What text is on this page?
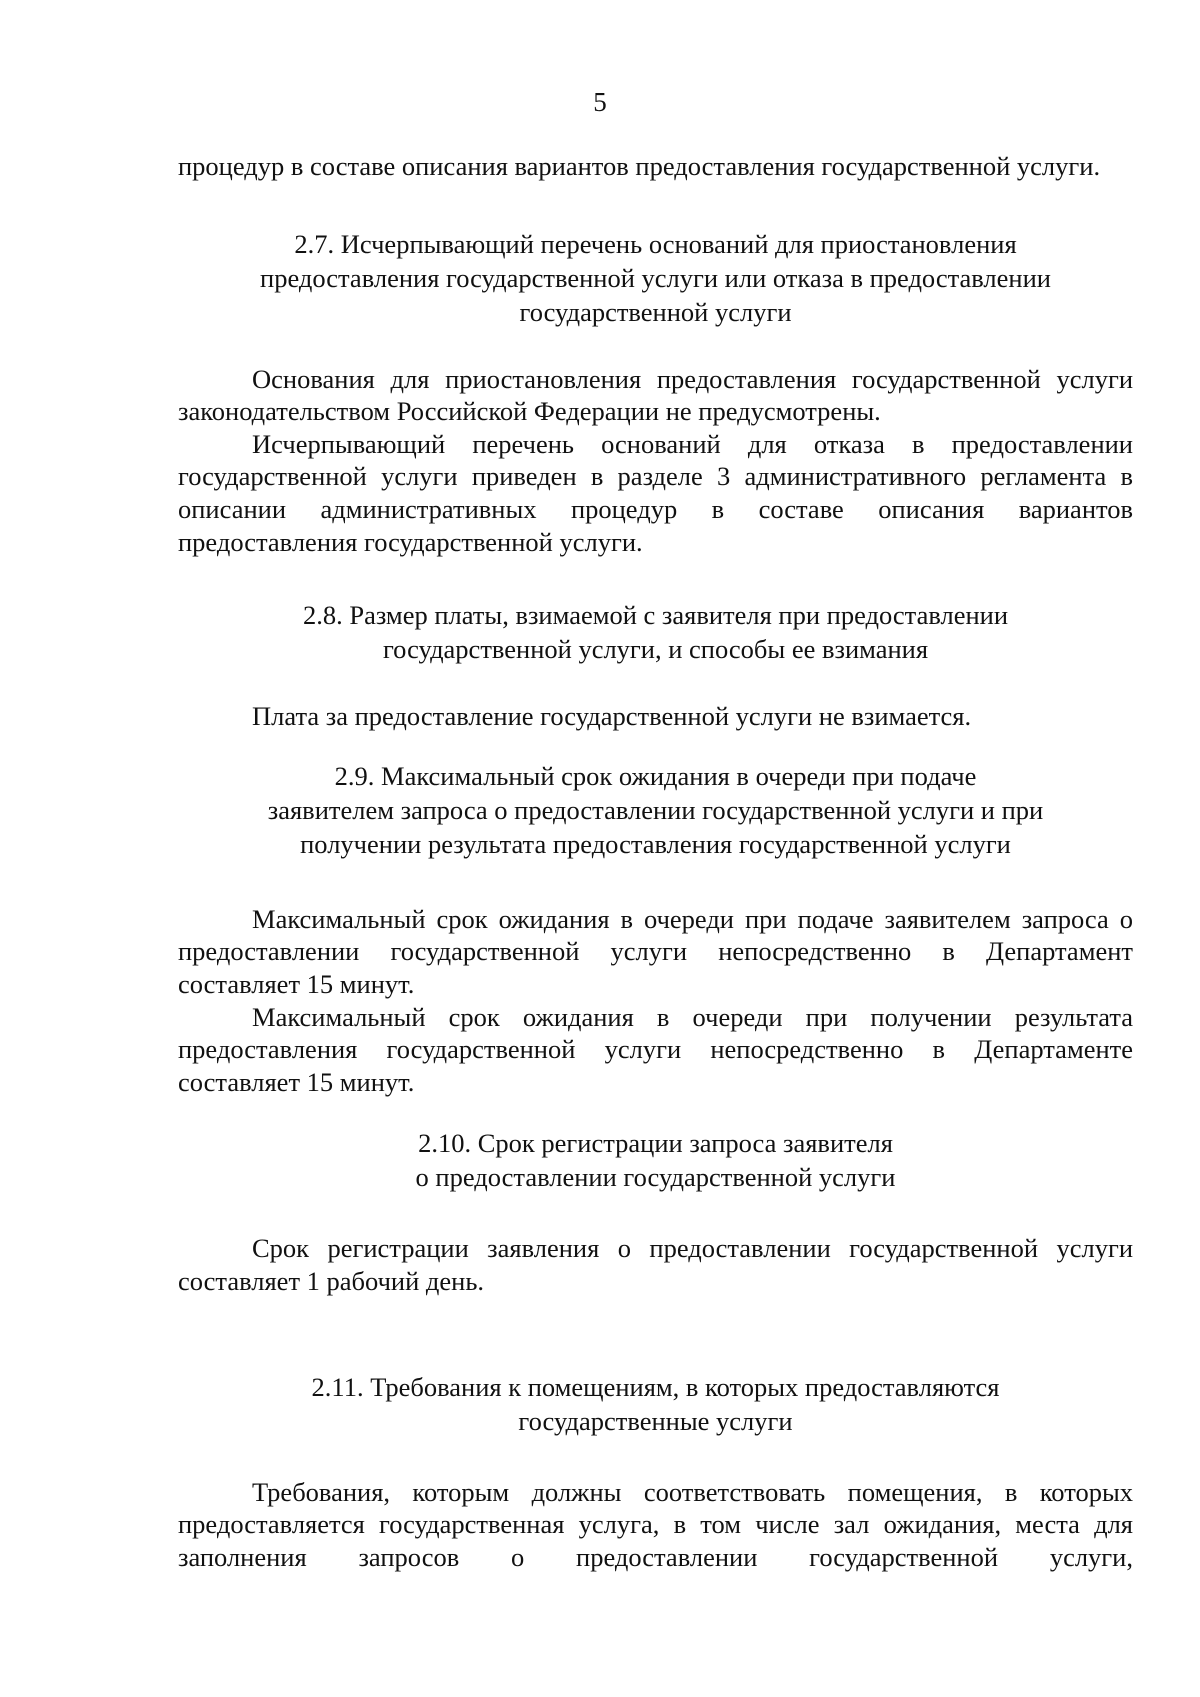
5

процедур в составе описания вариантов предоставления государственной услуги.

2.7. Исчерпывающий перечень оснований для приостановления
предоставления государственной услуги или отказа в предоставлении
государственной услуги

Основания для приостановления предоставления государственной услуги законодательством Российской Федерации не предусмотрены.

Исчерпывающий перечень оснований для отказа в предоставлении государственной услуги приведен в разделе 3 административного регламента в описании административных процедур в составе описания вариантов предоставления государственной услуги.

2.8. Размер платы, взимаемой с заявителя при предоставлении
государственной услуги, и способы ее взимания

Плата за предоставление государственной услуги не взимается.

2.9. Максимальный срок ожидания в очереди при подаче
заявителем запроса о предоставлении государственной услуги и при
получении результата предоставления государственной услуги

Максимальный срок ожидания в очереди при подаче заявителем запроса о предоставлении государственной услуги непосредственно в Департамент составляет 15 минут.

Максимальный срок ожидания в очереди при получении результата предоставления государственной услуги непосредственно в Департаменте составляет 15 минут.

2.10. Срок регистрации запроса заявителя
о предоставлении государственной услуги

Срок регистрации заявления о предоставлении государственной услуги составляет 1 рабочий день.

2.11. Требования к помещениям, в которых предоставляются
государственные услуги

Требования, которым должны соответствовать помещения, в которых предоставляется государственная услуга, в том числе зал ожидания, места для заполнения запросов о предоставлении государственной услуги,
